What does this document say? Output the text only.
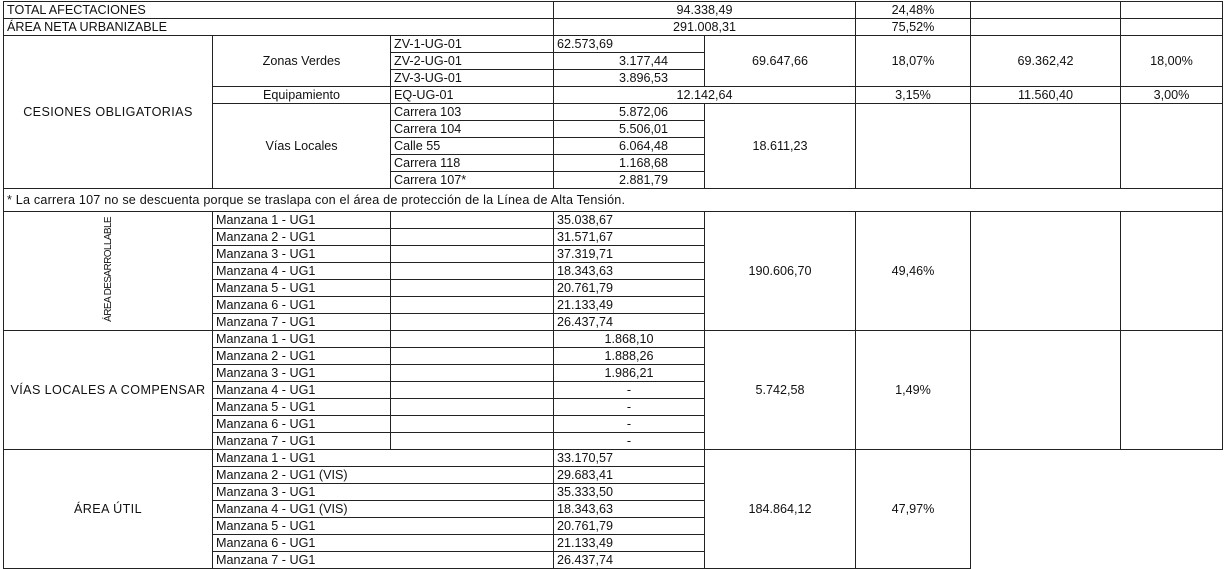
TOTAL AFECTACIONES			94.338,49		24,48%		
ÁREA NETA URBANIZABLE			291.008,31		75,52%		
CESIONES OBLIGATORIAS	Zonas Verdes	ZV-1-UG-01	62.573,69	69.647,66	18,07%	69.362,42	18,00%
		ZV-2-UG-01	3.177,44				
		ZV-3-UG-01	3.896,53				
	Equipamiento	EQ-UG-01	12.142,64		3,15%	11.560,40	3,00%
	Vías Locales	Carrera 103	5.872,06	18.611,23			
		Carrera 104	5.506,01				
		Calle 55	6.064,48				
		Carrera 118	1.168,68				
		Carrera 107*	2.881,79				
* La carrera 107 no se descuenta porque se traslapa con el área de protección de la Línea de Alta Tensión.							
ÁREA DESARROLLABLE	Manzana 1 - UG1		35.038,67	190.606,70	49,46%		
	Manzana 2 - UG1		31.571,67				
	Manzana 3 - UG1		37.319,71				
	Manzana 4 - UG1		18.343,63				
	Manzana 5 - UG1		20.761,79				
	Manzana 6 - UG1		21.133,49				
	Manzana 7 - UG1		26.437,74				
VÍAS LOCALES A COMPENSAR	Manzana 1 - UG1		1.868,10	5.742,58	1,49%		
	Manzana 2 - UG1		1.888,26				
	Manzana 3 - UG1		1.986,21				
	Manzana 4 - UG1		-				
	Manzana 5 - UG1		-				
	Manzana 6 - UG1		-				
	Manzana 7 - UG1		-				
ÁREA ÚTIL	Manzana 1 - UG1		33.170,57	184.864,12	47,97%		
	Manzana 2 - UG1 (VIS)		29.683,41				
	Manzana 3 - UG1		35.333,50				
	Manzana 4 - UG1 (VIS)		18.343,63				
	Manzana 5 - UG1		20.761,79				
	Manzana 6 - UG1		21.133,49				
	Manzana 7 - UG1		26.437,74				
